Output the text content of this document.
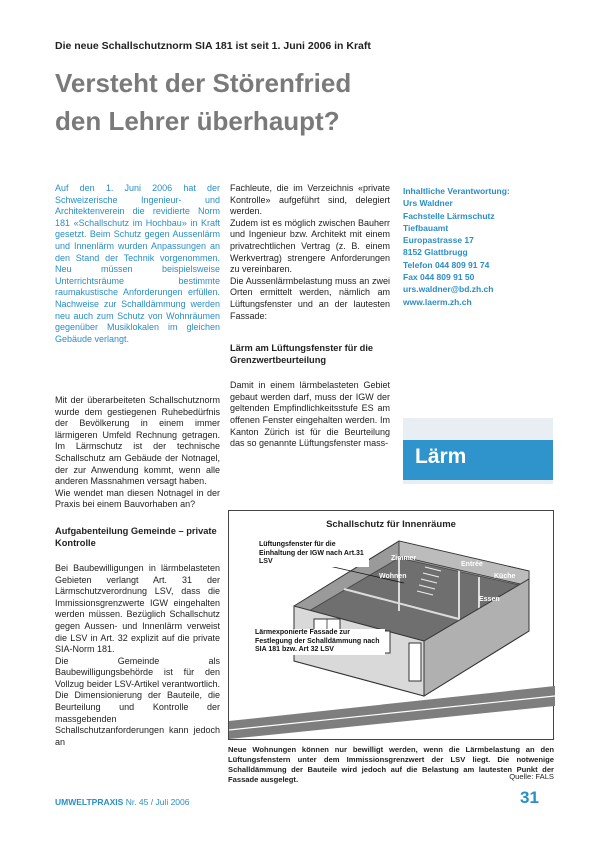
Die neue Schallschutznorm SIA 181 ist seit 1. Juni 2006 in Kraft
Versteht der Störenfried
den Lehrer überhaupt?

Auf den 1. Juni 2006 hat der Schweizerische Ingenieur- und Architektenverein die revidierte Norm 181 «Schallschutz im Hochbau» in Kraft gesetzt. Beim Schutz gegen Aussenlärm und Innenlärm wurden Anpassungen an den Stand der Technik vorgenommen. Neu müssen beispielsweise Unterrichtsräume bestimmte raumakustische Anforderungen erfüllen. Nachweise zur Schalldämmung werden neu auch zum Schutz von Wohnräumen gegenüber Musiklokalen im gleichen Gebäude verlangt.

Mit der überarbeiteten Schallschutznorm wurde dem gestiegenen Ruhebedürfnis der Bevölkerung in einem immer lärmigeren Umfeld Rechnung getragen. Im Lärmschutz ist der technische Schallschutz am Gebäude der Notnagel, der zur Anwendung kommt, wenn alle anderen Massnahmen versagt haben.

Wie wendet man diesen Notnagel in der Praxis bei einem Bauvorhaben an?

Aufgabenteilung Gemeinde – private Kontrolle

Bei Baubewilligungen in lärmbelasteten Gebieten verlangt Art. 31 der Lärmschutzverordnung LSV, dass die Immissionsgrenzwerte IGW eingehalten werden müssen. Bezüglich Schallschutz gegen Aussen- und Innenlärm verweist die LSV in Art. 32 explizit auf die private SIA-Norm 181.

Die Gemeinde als Baubewilligungsbehörde ist für den Vollzug beider LSV-Artikel verantwortlich. Die Dimensionierung der Bauteile, die Beurteilung und Kontrolle der massgebenden Schallschutzanforderungen kann jedoch an

Fachleute, die im Verzeichnis «private Kontrolle» aufgeführt sind, delegiert werden.

Zudem ist es möglich zwischen Bauherr und Ingenieur bzw. Architekt mit einem privatrechtlichen Vertrag (z. B. einem Werkvertrag) strengere Anforderungen zu vereinbaren.

Die Aussenlärmbelastung muss an zwei Orten ermittelt werden, nämlich am Lüftungsfenster und an der lautesten Fassade:

Lärm am Lüftungsfenster für die Grenzwertbeurteilung

Damit in einem lärmbelasteten Gebiet gebaut werden darf, muss der IGW der geltenden Empfindlichkeitsstufe ES am offenen Fenster eingehalten werden. Im Kanton Zürich ist für die Beurteilung das so genannte Lüftungsfenster mass-

Inhaltliche Verantwortung:
Urs Waldner
Fachstelle Lärmschutz
Tiefbauamt
Europastrasse 17
8152 Glattbrugg
Telefon 044 809 91 74
Fax 044 809 91 50
urs.waldner@bd.zh.ch
www.laerm.zh.ch
Lärm
Schallschutz für Innenräume
Lüftungsfenster für die Einhaltung der IGW nach Art.31 LSV
Lärmexponierte Fassade zur Festlegung der Schalldämmung nach SIA 181 bzw. Art 32 LSV
Zimmer
Wohnen
Entrée	Wc
Küche
Essen
Neue Wohnungen können nur bewilligt werden, wenn die Lärmbelastung an den Lüftungsfenstern unter dem Immissionsgrenzwert der LSV liegt. Die notwenige Schalldämmung der Bauteile wird jedoch auf die Belastung am lautesten Punkt der Fassade ausgelegt.	Quelle: FALS
UMWELTPRAXIS Nr. 45 / Juli 2006	31
